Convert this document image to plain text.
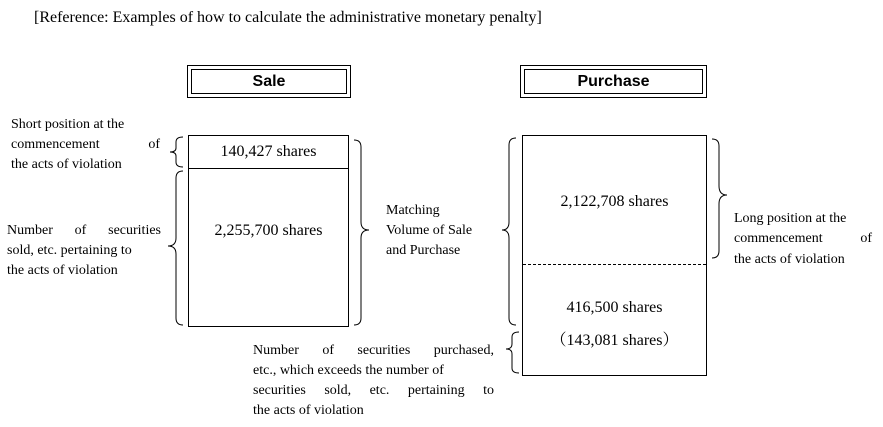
[Reference: Examples of how to calculate the administrative monetary penalty]
Sale	Purchase
140,427 shares
2,255,700 shares
2,122,708 shares
416,500 shares
（143,081 shares）
Short position at the
commencement	of
the acts of violation
Number of securities
sold, etc. pertaining to
the acts of violation
Matching
Volume of Sale
and Purchase
Long position at the
commencement	of
the acts of violation
Number of securities purchased,
etc., which exceeds the number of
securities sold, etc. pertaining to
the acts of violation
